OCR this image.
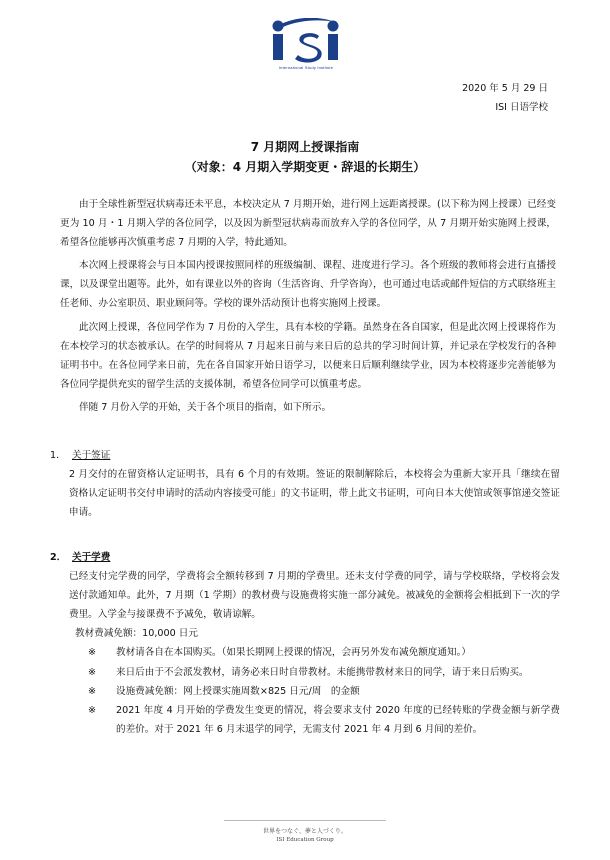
International Study Institute
2020 年 5 月 29 日
ISI 日语学校
7 月期网上授课指南
（对象：4 月期入学期变更・辞退的长期生）

由于全球性新型冠状病毒还未平息，本校决定从 7 月期开始，进行网上远距离授课。(以下称为网上授课）已经变更为 10 月・1 月期入学的各位同学，以及因为新型冠状病毒而放弃入学的各位同学，从 7 月期开始实施网上授课，希望各位能够再次慎重考虑 7 月期的入学，特此通知。

本次网上授课将会与日本国内授课按照同样的班级编制、课程、进度进行学习。各个班级的教师将会进行直播授课，以及课堂出题等。此外，如有课业以外的咨询（生活咨询、升学咨询），也可通过电话或邮件短信的方式联络班主任老师、办公室职员、职业顾问等。学校的课外活动预计也将实施网上授课。

此次网上授课，各位同学作为 7 月份的入学生，具有本校的学籍。虽然身在各自国家，但是此次网上授课将作为在本校学习的状态被承认。在学的时间将从 7 月起来日前与来日后的总共的学习时间计算，并记录在学校发行的各种证明书中。在各位同学来日前，先在各自国家开始日语学习，以便来日后顺利继续学业，因为本校将逐步完善能够为各位同学提供充实的留学生活的支援体制，希望各位同学可以慎重考虑。

伴随 7 月份入学的开始，关于各个项目的指南，如下所示。

1． 关于签证
2 月交付的在留资格认定证明书，具有 6 个月的有效期。签证的限制解除后，本校将会为重新大家开具「继续在留资格认定证明书交付申请时的活动内容接受可能」的文书证明，带上此文书证明，可向日本大使馆或领事馆递交签证申请。
2． 关于学费
已经支付完学费的同学，学费将会全额转移到 7 月期的学费里。还未支付学费的同学，请与学校联络，学校将会发送付款通知单。此外，7 月期（1 学期）的教材费与设施费将实施一部分减免。被减免的金额将会相抵到下一次的学费里。入学金与接课费不予减免，敬请谅解。
教材费减免额：10,000 日元
※	教材请各自在本国购买。（如果长期网上授课的情况，会再另外发布减免额度通知。）
※	来日后由于不会派发教材，请务必来日时自带教材。未能携带教材来日的同学，请于来日后购买。
※	设施费减免额：网上授课实施周数×825 日元/周　的金额
※	2021 年度 4 月开始的学费发生变更的情况，将会要求支付 2020 年度的已经转账的学费金额与新学费的差价。对于 2021 年 6 月末退学的同学，无需支付 2021 年 4 月到 6 月间的差价。
世界をつなぐ、夢と人づくり。
ISI Education Group
